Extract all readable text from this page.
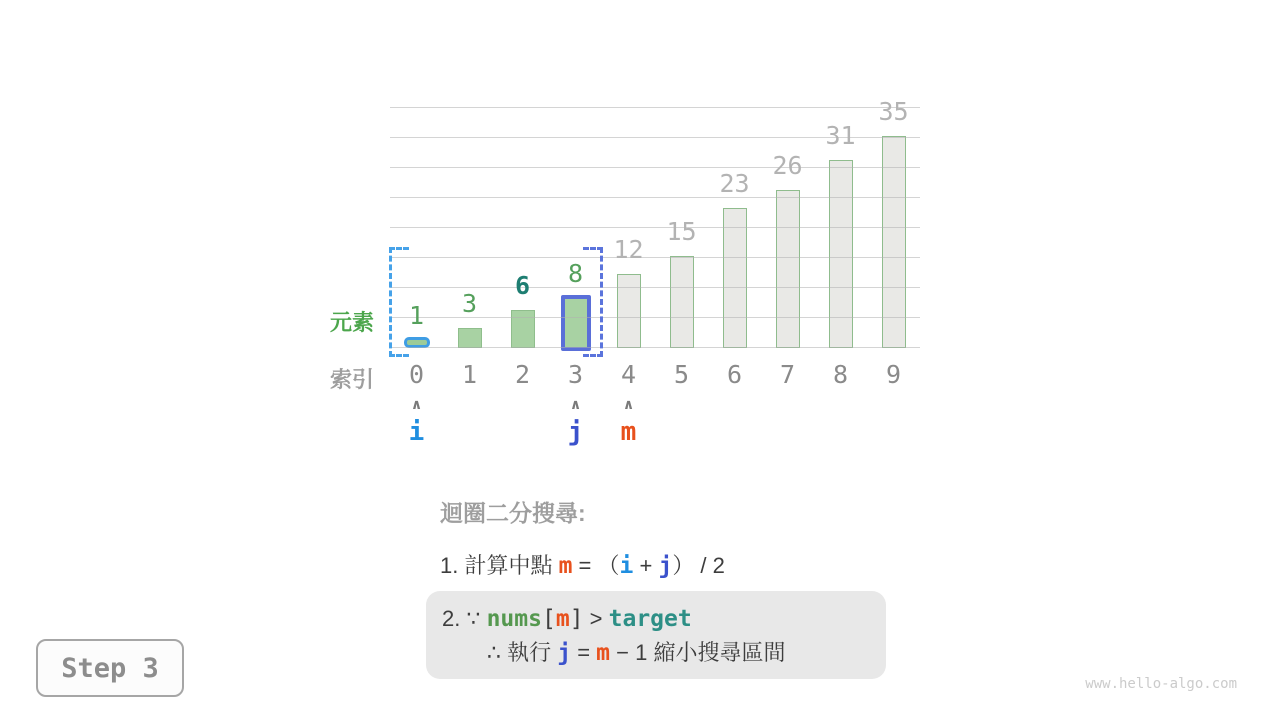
1
0
3
1
6
2
8
3
12
4
15
5
23
6
26
7
31
8
35
9
∧
i
∧
j
∧
m
元素
索引
迴圈二分搜尋:
1. 計算中點 m = （i + j） / 2
2. ∵ nums[m] > target
∴ 執行 j = m − 1 縮小搜尋區間
Step 3
www.hello-algo.com
